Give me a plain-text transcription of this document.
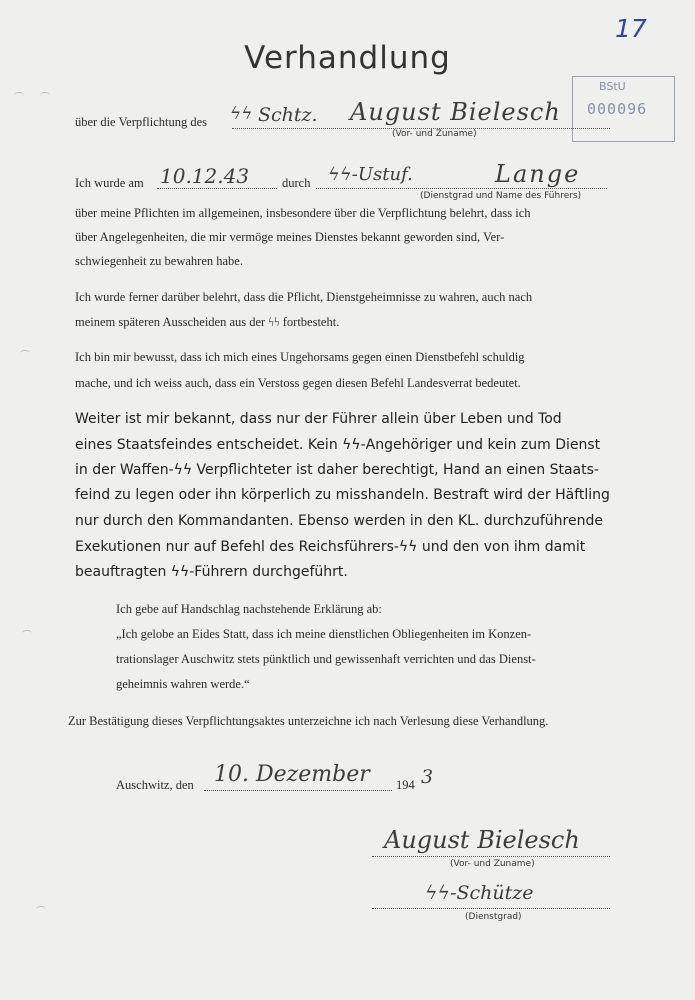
17
BStU
000096
Verhandlung
über die Verpflichtung des ϟϟ Schtz. August Bielesch
(Vor- und Zuname)
Ich wurde am 10.12.43	durch ϟϟ-Ustuf.	Lange
(Dienstgrad und Name des Führers)
über meine Pflichten im allgemeinen, insbesondere über die Verpflichtung belehrt, dass ich
über Angelegenheiten, die mir vermöge meines Dienstes bekannt geworden sind, Ver-
schwiegenheit zu bewahren habe.
Ich wurde ferner darüber belehrt, dass die Pflicht, Dienstgeheimnisse zu wahren, auch nach
meinem späteren Ausscheiden aus der ϟϟ fortbesteht.
Ich bin mir bewusst, dass ich mich eines Ungehorsams gegen einen Dienstbefehl schuldig
mache, und ich weiss auch, dass ein Verstoss gegen diesen Befehl Landesverrat bedeutet.
Weiter ist mir bekannt, dass nur der Führer allein über Leben und Tod
eines Staatsfeindes entscheidet. Kein ϟϟ-Angehöriger und kein zum Dienst
in der Waffen-ϟϟ Verpflichteter ist daher berechtigt, Hand an einen Staats-
feind zu legen oder ihn körperlich zu misshandeln. Bestraft wird der Häftling
nur durch den Kommandanten. Ebenso werden in den KL. durchzuführende
Exekutionen nur auf Befehl des Reichsführers-ϟϟ und den von ihm damit
beauftragten ϟϟ-Führern durchgeführt.
Ich gebe auf Handschlag nachstehende Erklärung ab:
„Ich gelobe an Eides Statt, dass ich meine dienstlichen Obliegenheiten im Konzen-
trationslager Auschwitz stets pünktlich und gewissenhaft verrichten und das Dienst-
geheimnis wahren werde.“
Zur Bestätigung dieses Verpflichtungsaktes unterzeichne ich nach Verlesung diese Verhandlung.
Auschwitz, den 10. Dezember 194 3
August Bielesch
(Vor- und Zuname)
ϟϟ-Schütze
(Dienstgrad)
